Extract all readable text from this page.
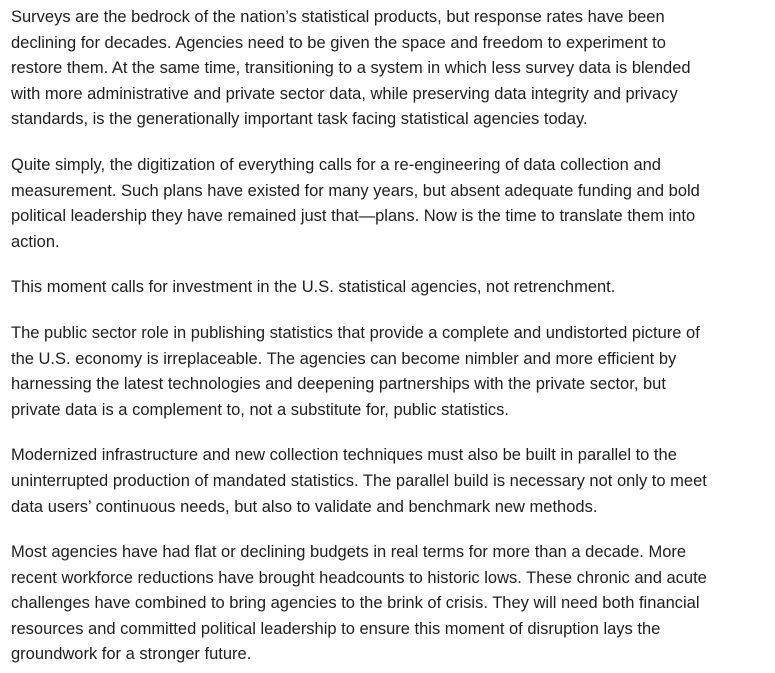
Surveys are the bedrock of the nation’s statistical products, but response rates have been
declining for decades. Agencies need to be given the space and freedom to experiment to
restore them. At the same time, transitioning to a system in which less survey data is blended
with more administrative and private sector data, while preserving data integrity and privacy
standards, is the generationally important task facing statistical agencies today.

Quite simply, the digitization of everything calls for a re-engineering of data collection and
measurement. Such plans have existed for many years, but absent adequate funding and bold
political leadership they have remained just that—plans. Now is the time to translate them into
action.

This moment calls for investment in the U.S. statistical agencies, not retrenchment.

The public sector role in publishing statistics that provide a complete and undistorted picture of
the U.S. economy is irreplaceable. The agencies can become nimbler and more efficient by
harnessing the latest technologies and deepening partnerships with the private sector, but
private data is a complement to, not a substitute for, public statistics.

Modernized infrastructure and new collection techniques must also be built in parallel to the
uninterrupted production of mandated statistics. The parallel build is necessary not only to meet
data users’ continuous needs, but also to validate and benchmark new methods.

Most agencies have had flat or declining budgets in real terms for more than a decade. More
recent workforce reductions have brought headcounts to historic lows. These chronic and acute
challenges have combined to bring agencies to the brink of crisis. They will need both financial
resources and committed political leadership to ensure this moment of disruption lays the
groundwork for a stronger future.
